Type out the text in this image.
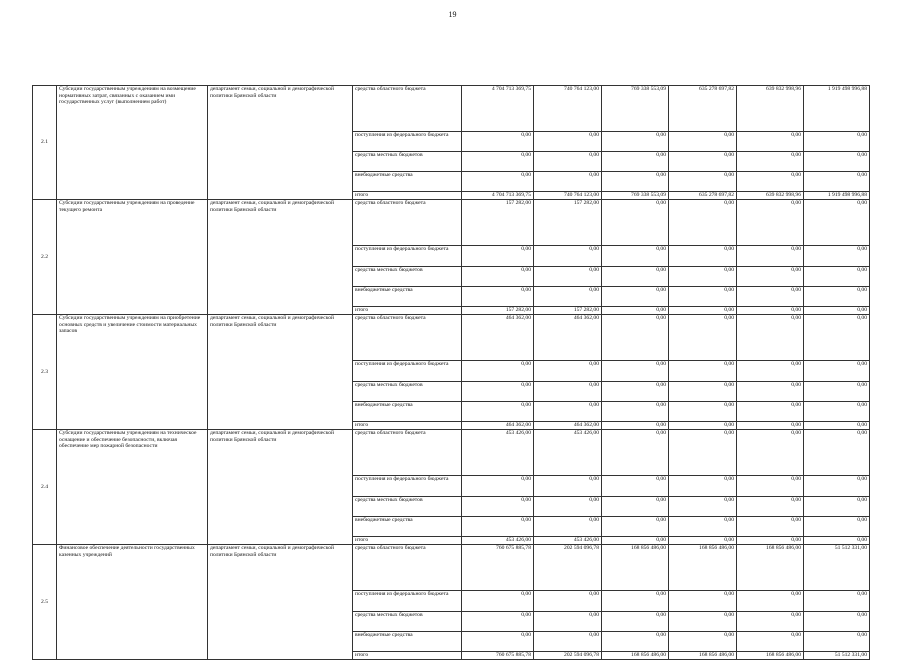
19
2.1	Субсидии государственным учреждениям на возмещение нормативных затрат, связанных с оказанием ими государственных услуг (выполнением работ)	департамент семьи, социальной и демографической политики Брянской области	средства областного бюджета	4 704 713 369,75	740 764 123,00	769 338 553,09	635 278 697,82	639 832 998,96	1 919 498 996,88
			поступления из федерального бюджета	0,00	0,00	0,00	0,00	0,00	0,00
			средства местных бюджетов	0,00	0,00	0,00	0,00	0,00	0,00
			внебюджетные средства	0,00	0,00	0,00	0,00	0,00	0,00
			итого	4 704 713 369,75	740 764 123,00	769 338 553,09	635 278 697,82	639 832 998,96	1 919 498 996,88
2.2	Субсидии государственным учреждениям на проведение текущего ремонта	департамент семьи, социальной и демографической политики Брянской области	средства областного бюджета	157 282,00	157 282,00	0,00	0,00	0,00	0,00
			поступления из федерального бюджета	0,00	0,00	0,00	0,00	0,00	0,00
			средства местных бюджетов	0,00	0,00	0,00	0,00	0,00	0,00
			внебюджетные средства	0,00	0,00	0,00	0,00	0,00	0,00
			итого	157 282,00	157 282,00	0,00	0,00	0,00	0,00
2.3	Субсидии государственным учреждениям на приобретение основных средств и увеличение стоимости материальных запасов	департамент семьи, социальной и демографической политики Брянской области	средства областного бюджета	464 362,00	464 362,00	0,00	0,00	0,00	0,00
			поступления из федерального бюджета	0,00	0,00	0,00	0,00	0,00	0,00
			средства местных бюджетов	0,00	0,00	0,00	0,00	0,00	0,00
			внебюджетные средства	0,00	0,00	0,00	0,00	0,00	0,00
			итого	464 362,00	464 362,00	0,00	0,00	0,00	0,00
2.4	Субсидии государственным учреждениям на техническое оснащение и обеспечение безопасности, включая обеспечение мер пожарной безопасности	департамент семьи, социальной и демографической политики Брянской области	средства областного бюджета	453 426,00	453 426,00	0,00	0,00	0,00	0,00
			поступления из федерального бюджета	0,00	0,00	0,00	0,00	0,00	0,00
			средства местных бюджетов	0,00	0,00	0,00	0,00	0,00	0,00
			внебюджетные средства	0,00	0,00	0,00	0,00	0,00	0,00
			итого	453 426,00	453 426,00	0,00	0,00	0,00	0,00
2.5	Финансовое обеспечение деятельности государственных казенных учреждений	департамент семьи, социальной и демографической политики Брянской области	средства областного бюджета	760 675 885,78	202 594 096,78	168 856 486,00	168 856 486,00	168 856 486,00	51 512 331,00
			поступления из федерального бюджета	0,00	0,00	0,00	0,00	0,00	0,00
			средства местных бюджетов	0,00	0,00	0,00	0,00	0,00	0,00
			внебюджетные средства	0,00	0,00	0,00	0,00	0,00	0,00
			итого	760 675 885,78	202 594 096,78	168 856 486,00	168 856 486,00	168 856 486,00	51 512 331,00
